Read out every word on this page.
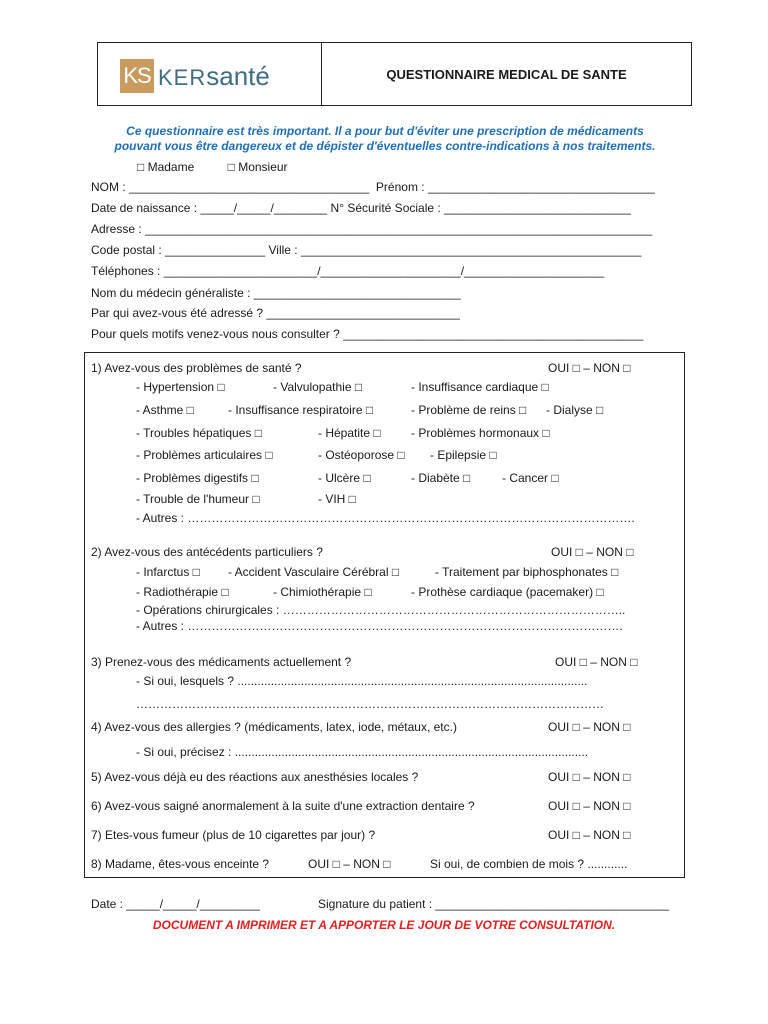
KS KERsanté	QUESTIONNAIRE MEDICAL DE SANTE
Ce questionnaire est très important. Il a pour but d'éviter une prescription de médicaments
pouvant vous être dangereux et de dépister d'éventuelles contre-indications à nos traitements.
□ Madame          □ Monsieur
NOM : ____________________________________  Prénom : __________________________________
Date de naissance : _____/_____/________ N° Sécurité Sociale : ____________________________
Adresse : ____________________________________________________________________________
Code postal : _______________ Ville : ___________________________________________________
Téléphones : _______________________/_____________________/_____________________
Nom du médecin généraliste : _______________________________
Par qui avez-vous été adressé ? _____________________________
Pour quels motifs venez-vous nous consulter ? _____________________________________________
1) Avez-vous des problèmes de santé ?	OUI □ – NON □
- Hypertension □	- Valvulopathie □	- Insuffisance cardiaque □
- Asthme □	- Insuffisance respiratoire □	- Problème de reins □ - Dialyse □
- Troubles hépatiques □	- Hépatite □	- Problèmes hormonaux □
- Problèmes articulaires □	- Ostéoporose □ - Epilepsie □
- Problèmes digestifs □	- Ulcère □	- Diabète □	- Cancer □
- Trouble de l'humeur □	- VIH □
- Autres : ………………………………………………………………………………………………….
2) Avez-vous des antécédents particuliers ?	OUI □ – NON □
- Infarctus □ - Accident Vasculaire Cérébral □	- Traitement par biphosphonates □
- Radiothérapie □	- Chimiothérapie □	- Prothèse cardiaque (pacemaker) □
- Opérations chirurgicales : …………………………………………………………………………..
- Autres : ……………………………………………………………………………………………….
3) Prenez-vous des médicaments actuellement ?	OUI □ – NON □
- Si oui, lesquels ? .........................................................................................................
………………………………………………………………………………………………………
4) Avez-vous des allergies ? (médicaments, latex, iode, métaux, etc.)	OUI □ – NON □
- Si oui, précisez : ..........................................................................................................
5) Avez-vous déjà eu des réactions aux anesthésies locales ?	OUI □ – NON □
6) Avez-vous saigné anormalement à la suite d'une extraction dentaire ?	OUI □ – NON □
7) Etes-vous fumeur (plus de 10 cigarettes par jour) ?	OUI □ – NON □
8) Madame, êtes-vous enceinte ?	OUI □ – NON □	Si oui, de combien de mois ? ............
Date : _____/_____/_________	Signature du patient : ___________________________________
DOCUMENT A IMPRIMER ET A APPORTER LE JOUR DE VOTRE CONSULTATION.
